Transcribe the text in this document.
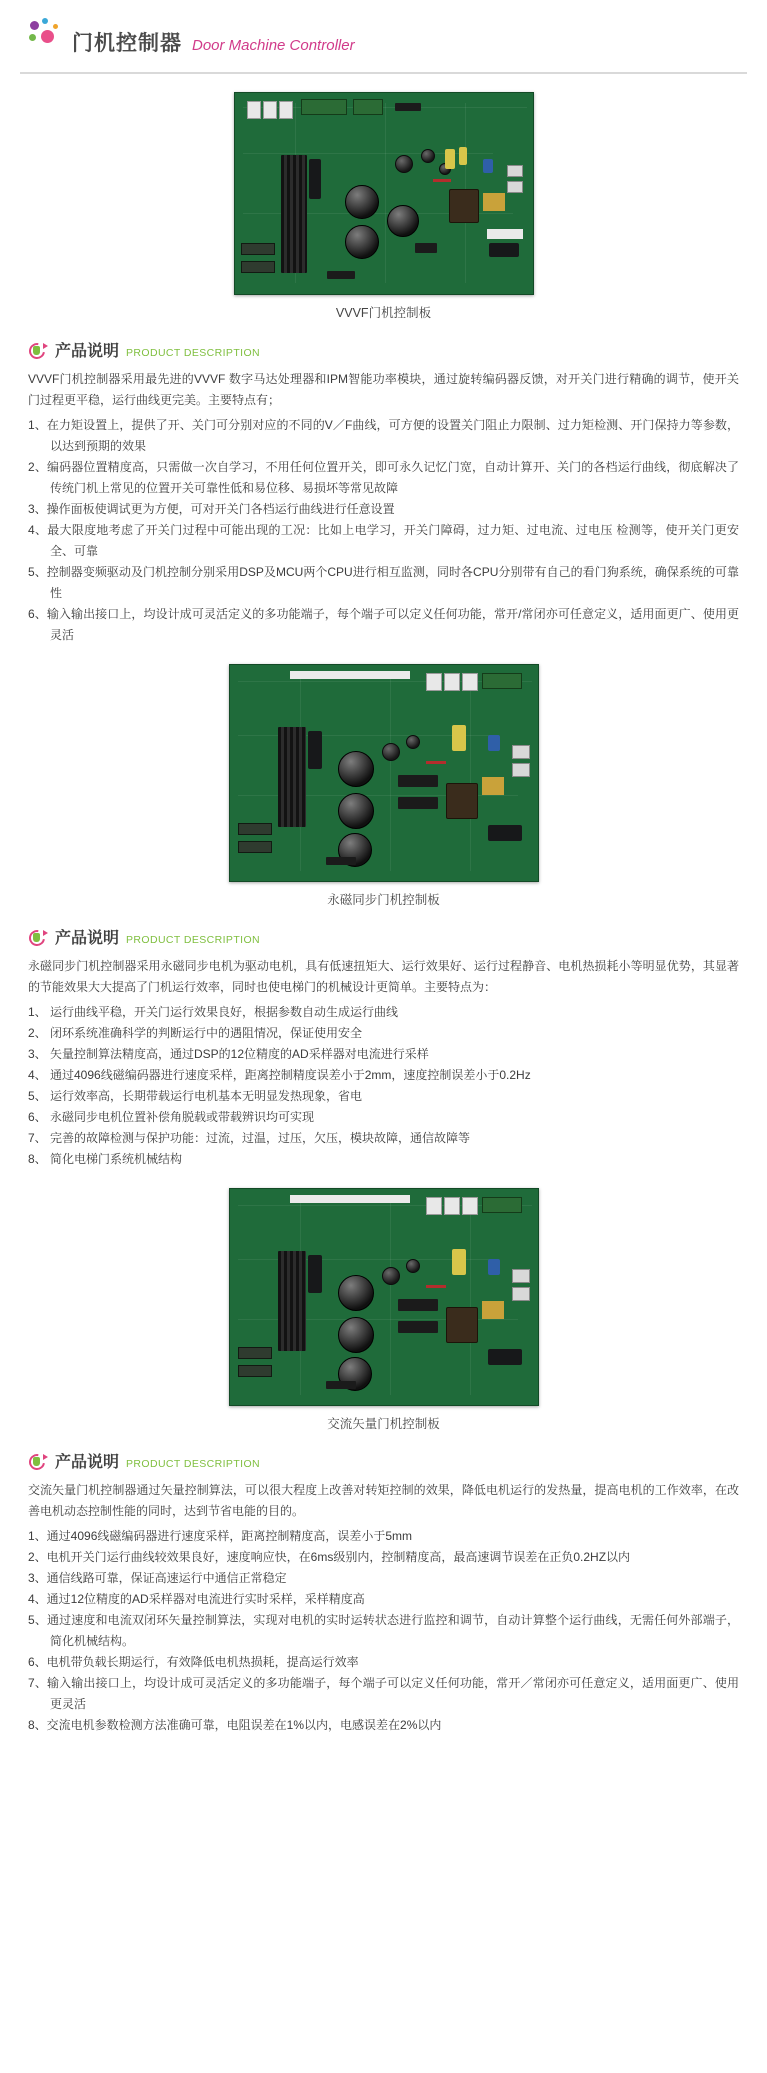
门机控制器 Door Machine Controller
VVVF门机控制板
产品说明 PRODUCT DESCRIPTION
VVVF门机控制器采用最先进的VVVF 数字马达处理器和IPM智能功率模块，通过旋转编码器反馈，对开关门进行精确的调节，使开关门过程更平稳，运行曲线更完美。主要特点有；
1、在力矩设置上，提供了开、关门可分别对应的不同的V／F曲线，可方便的设置关门阻止力限制、过力矩检测、开门保持力等参数，以达到预期的效果
2、编码器位置精度高，只需做一次自学习，不用任何位置开关，即可永久记忆门宽，自动计算开、关门的各档运行曲线，彻底解决了传统门机上常见的位置开关可靠性低和易位移、易损坏等常见故障
3、操作面板使调试更为方便，可对开关门各档运行曲线进行任意设置
4、最大限度地考虑了开关门过程中可能出现的工况：比如上电学习，开关门障碍，过力矩、过电流、过电压 检测等，使开关门更安全、可靠
5、控制器变频驱动及门机控制分别采用DSP及MCU两个CPU进行相互监测，同时各CPU分别带有自己的看门狗系统，确保系统的可靠性
6、输入输出接口上，均设计成可灵活定义的多功能端子，每个端子可以定义任何功能，常开/常闭亦可任意定义，适用面更广、使用更灵活
永磁同步门机控制板
产品说明 PRODUCT DESCRIPTION
永磁同步门机控制器采用永磁同步电机为驱动电机，具有低速扭矩大、运行效果好、运行过程静音、电机热损耗小等明显优势，其显著的节能效果大大提高了门机运行效率，同时也使电梯门的机械设计更简单。主要特点为：
1、 运行曲线平稳，开关门运行效果良好，根据参数自动生成运行曲线
2、 闭环系统准确科学的判断运行中的遇阻情况，保证使用安全
3、 矢量控制算法精度高，通过DSP的12位精度的AD采样器对电流进行采样
4、 通过4096线磁编码器进行速度采样，距离控制精度误差小于2mm，速度控制误差小于0.2Hz
5、 运行效率高，长期带载运行电机基本无明显发热现象，省电
6、 永磁同步电机位置补偿角脱载或带载辨识均可实现
7、 完善的故障检测与保护功能：过流，过温，过压，欠压，模块故障，通信故障等
8、 简化电梯门系统机械结构
交流矢量门机控制板
产品说明 PRODUCT DESCRIPTION
交流矢量门机控制器通过矢量控制算法，可以很大程度上改善对转矩控制的效果，降低电机运行的发热量，提高电机的工作效率，在改善电机动态控制性能的同时，达到节省电能的目的。
1、通过4096线磁编码器进行速度采样，距离控制精度高，误差小于5mm
2、电机开关门运行曲线较效果良好，速度响应快，在6ms级别内，控制精度高，最高速调节误差在正负0.2HZ以内
3、通信线路可靠，保证高速运行中通信正常稳定
4、通过12位精度的AD采样器对电流进行实时采样，采样精度高
5、通过速度和电流双闭环矢量控制算法，实现对电机的实时运转状态进行监控和调节，自动计算整个运行曲线，无需任何外部端子，简化机械结构。
6、电机带负载长期运行，有效降低电机热损耗，提高运行效率
7、输入输出接口上，均设计成可灵活定义的多功能端子，每个端子可以定义任何功能，常开／常闭亦可任意定义，适用面更广、使用更灵活
8、交流电机参数检测方法准确可靠，电阻误差在1%以内，电感误差在2%以内
